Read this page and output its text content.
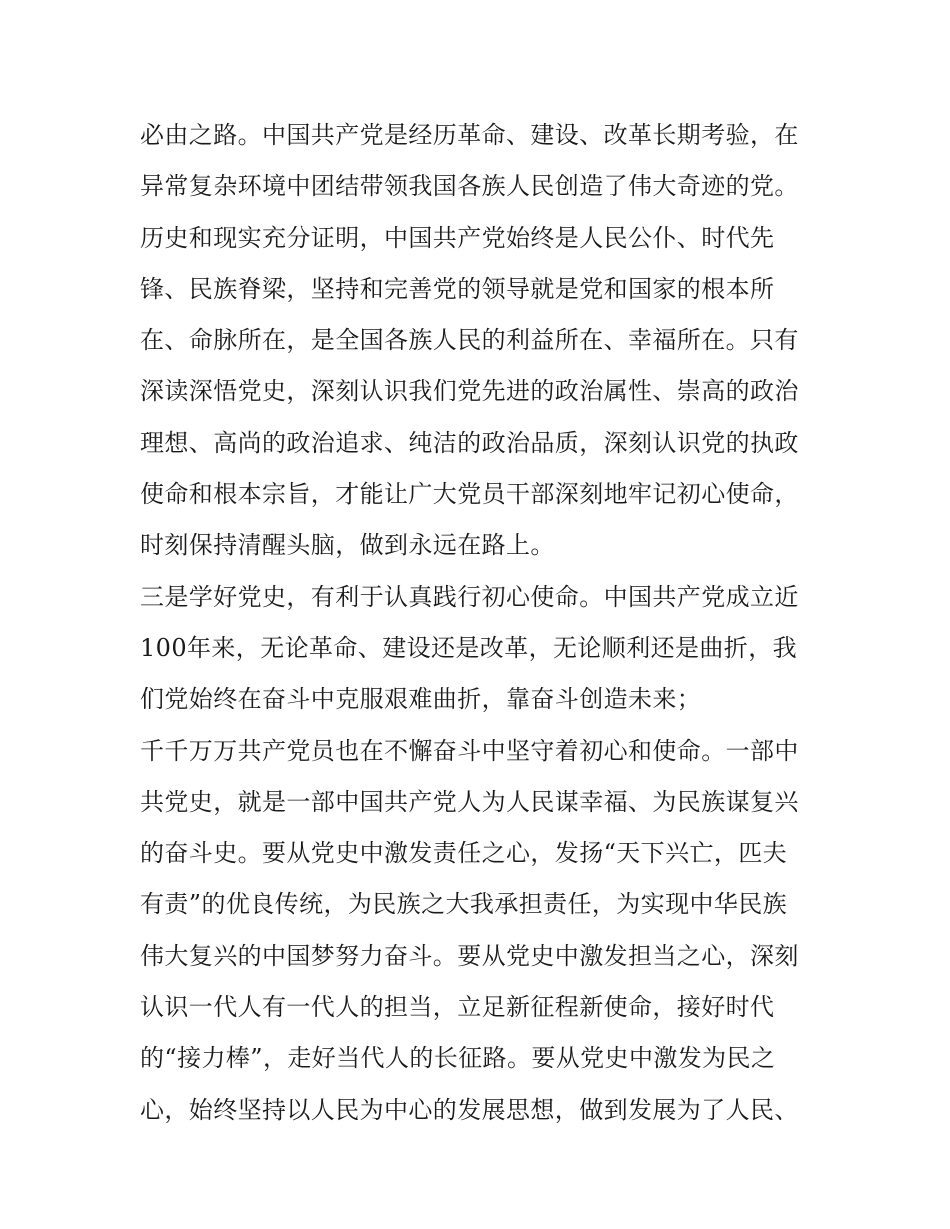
必由之路。中国共产党是经历革命、建设、改革长期考验，在
异常复杂环境中团结带领我国各族人民创造了伟大奇迹的党。
历史和现实充分证明，中国共产党始终是人民公仆、时代先
锋、民族脊梁，坚持和完善党的领导就是党和国家的根本所
在、命脉所在，是全国各族人民的利益所在、幸福所在。只有
深读深悟党史，深刻认识我们党先进的政治属性、崇高的政治
理想、高尚的政治追求、纯洁的政治品质，深刻认识党的执政
使命和根本宗旨，才能让广大党员干部深刻地牢记初心使命，
时刻保持清醒头脑，做到永远在路上。
三是学好党史，有利于认真践行初心使命。中国共产党成立近
100年来，无论革命、建设还是改革，无论顺利还是曲折，我
们党始终在奋斗中克服艰难曲折，靠奋斗创造未来；
千千万万共产党员也在不懈奋斗中坚守着初心和使命。一部中
共党史，就是一部中国共产党人为人民谋幸福、为民族谋复兴
的奋斗史。要从党史中激发责任之心，发扬“天下兴亡，匹夫
有责”的优良传统，为民族之大我承担责任，为实现中华民族
伟大复兴的中国梦努力奋斗。要从党史中激发担当之心，深刻
认识一代人有一代人的担当，立足新征程新使命，接好时代
的“接力棒”，走好当代人的长征路。要从党史中激发为民之
心，始终坚持以人民为中心的发展思想，做到发展为了人民、
